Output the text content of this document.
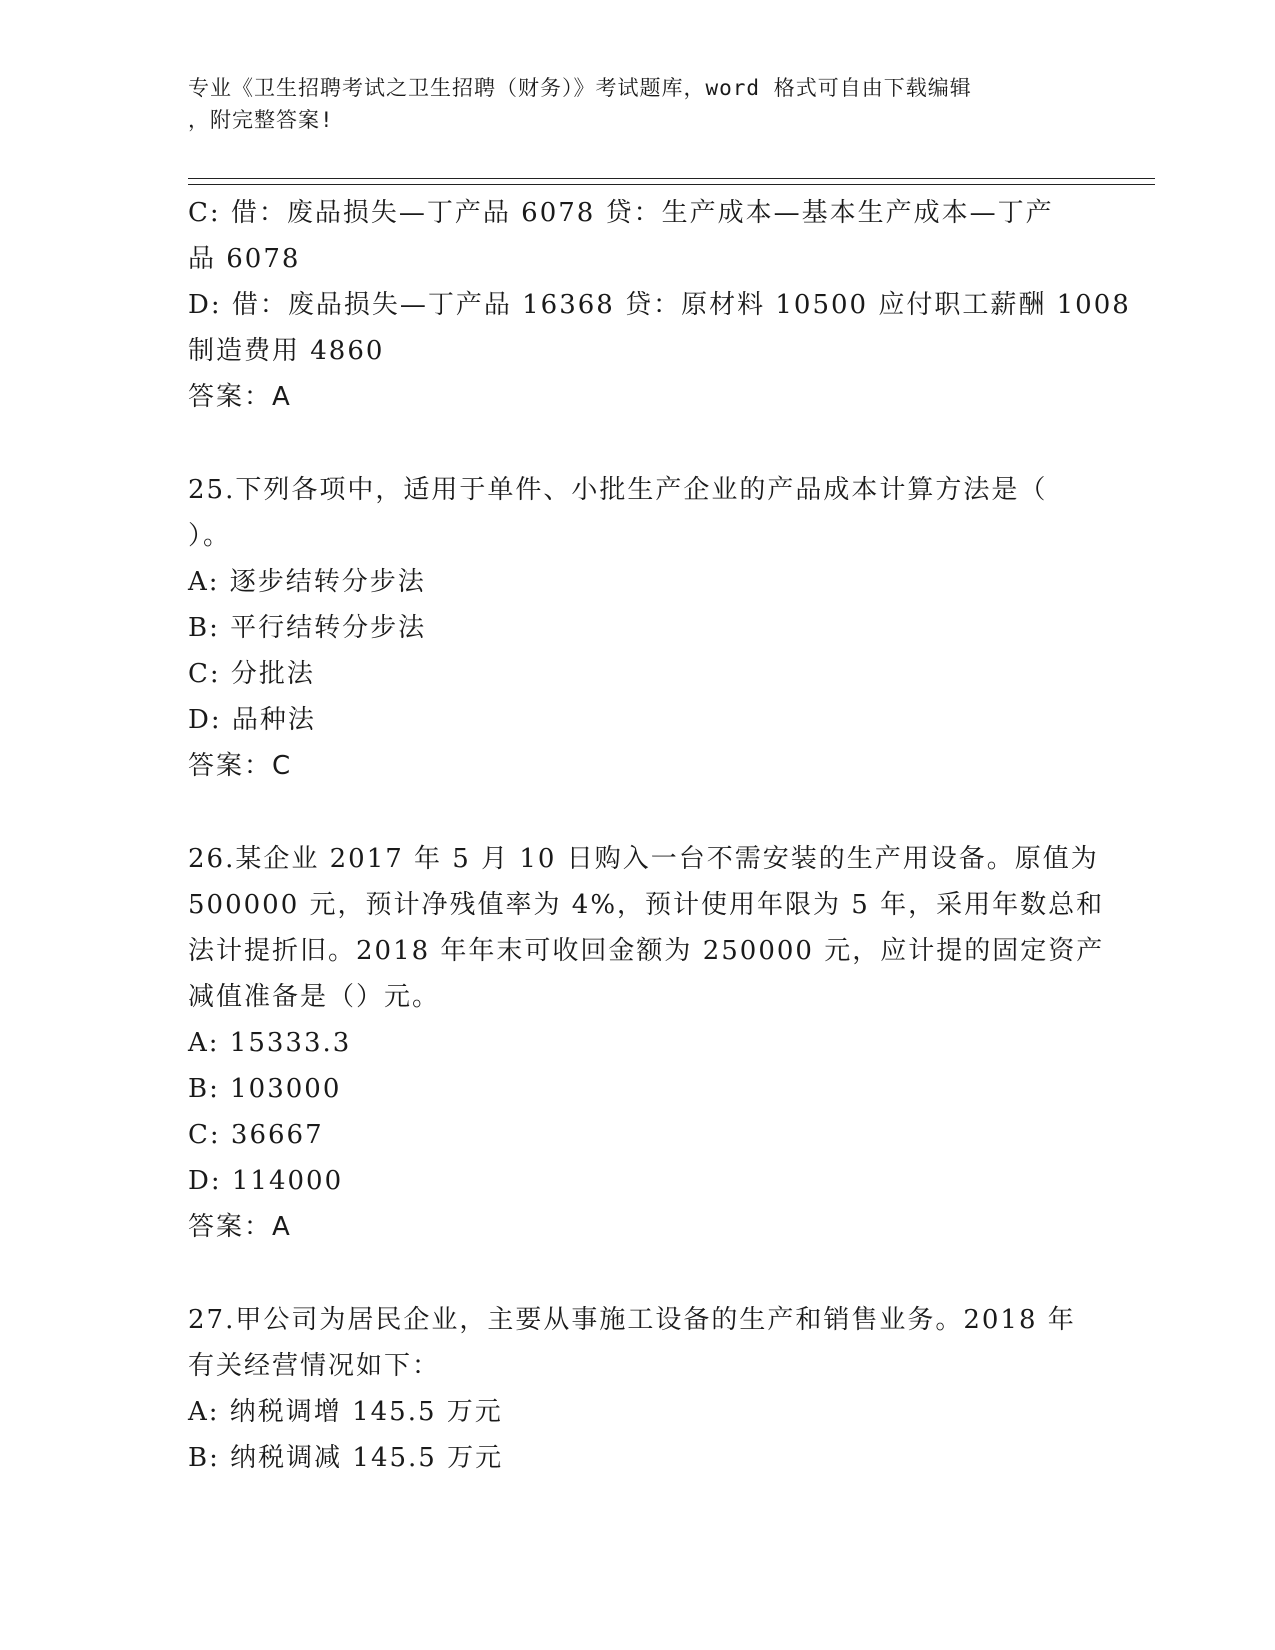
专业《卫生招聘考试之卫生招聘（财务）》考试题库，word 格式可自由下载编辑
，附完整答案!
C: 借：废品损失—丁产品 6078 贷：生产成本—基本生产成本—丁产
品 6078
D: 借：废品损失—丁产品 16368 贷：原材料 10500 应付职工薪酬 1008
制造费用 4860
答案：A
25.下列各项中，适用于单件、小批生产企业的产品成本计算方法是（
）。
A: 逐步结转分步法
B: 平行结转分步法
C: 分批法
D: 品种法
答案：C
26.某企业 2017 年 5 月 10 日购入一台不需安装的生产用设备。原值为
500000 元，预计净残值率为 4%，预计使用年限为 5 年，采用年数总和
法计提折旧。2018 年年末可收回金额为 250000 元，应计提的固定资产
减值准备是（）元。
A: 15333.3
B: 103000
C: 36667
D: 114000
答案：A
27.甲公司为居民企业，主要从事施工设备的生产和销售业务。2018 年
有关经营情况如下：
A: 纳税调增 145.5 万元
B: 纳税调减 145.5 万元
